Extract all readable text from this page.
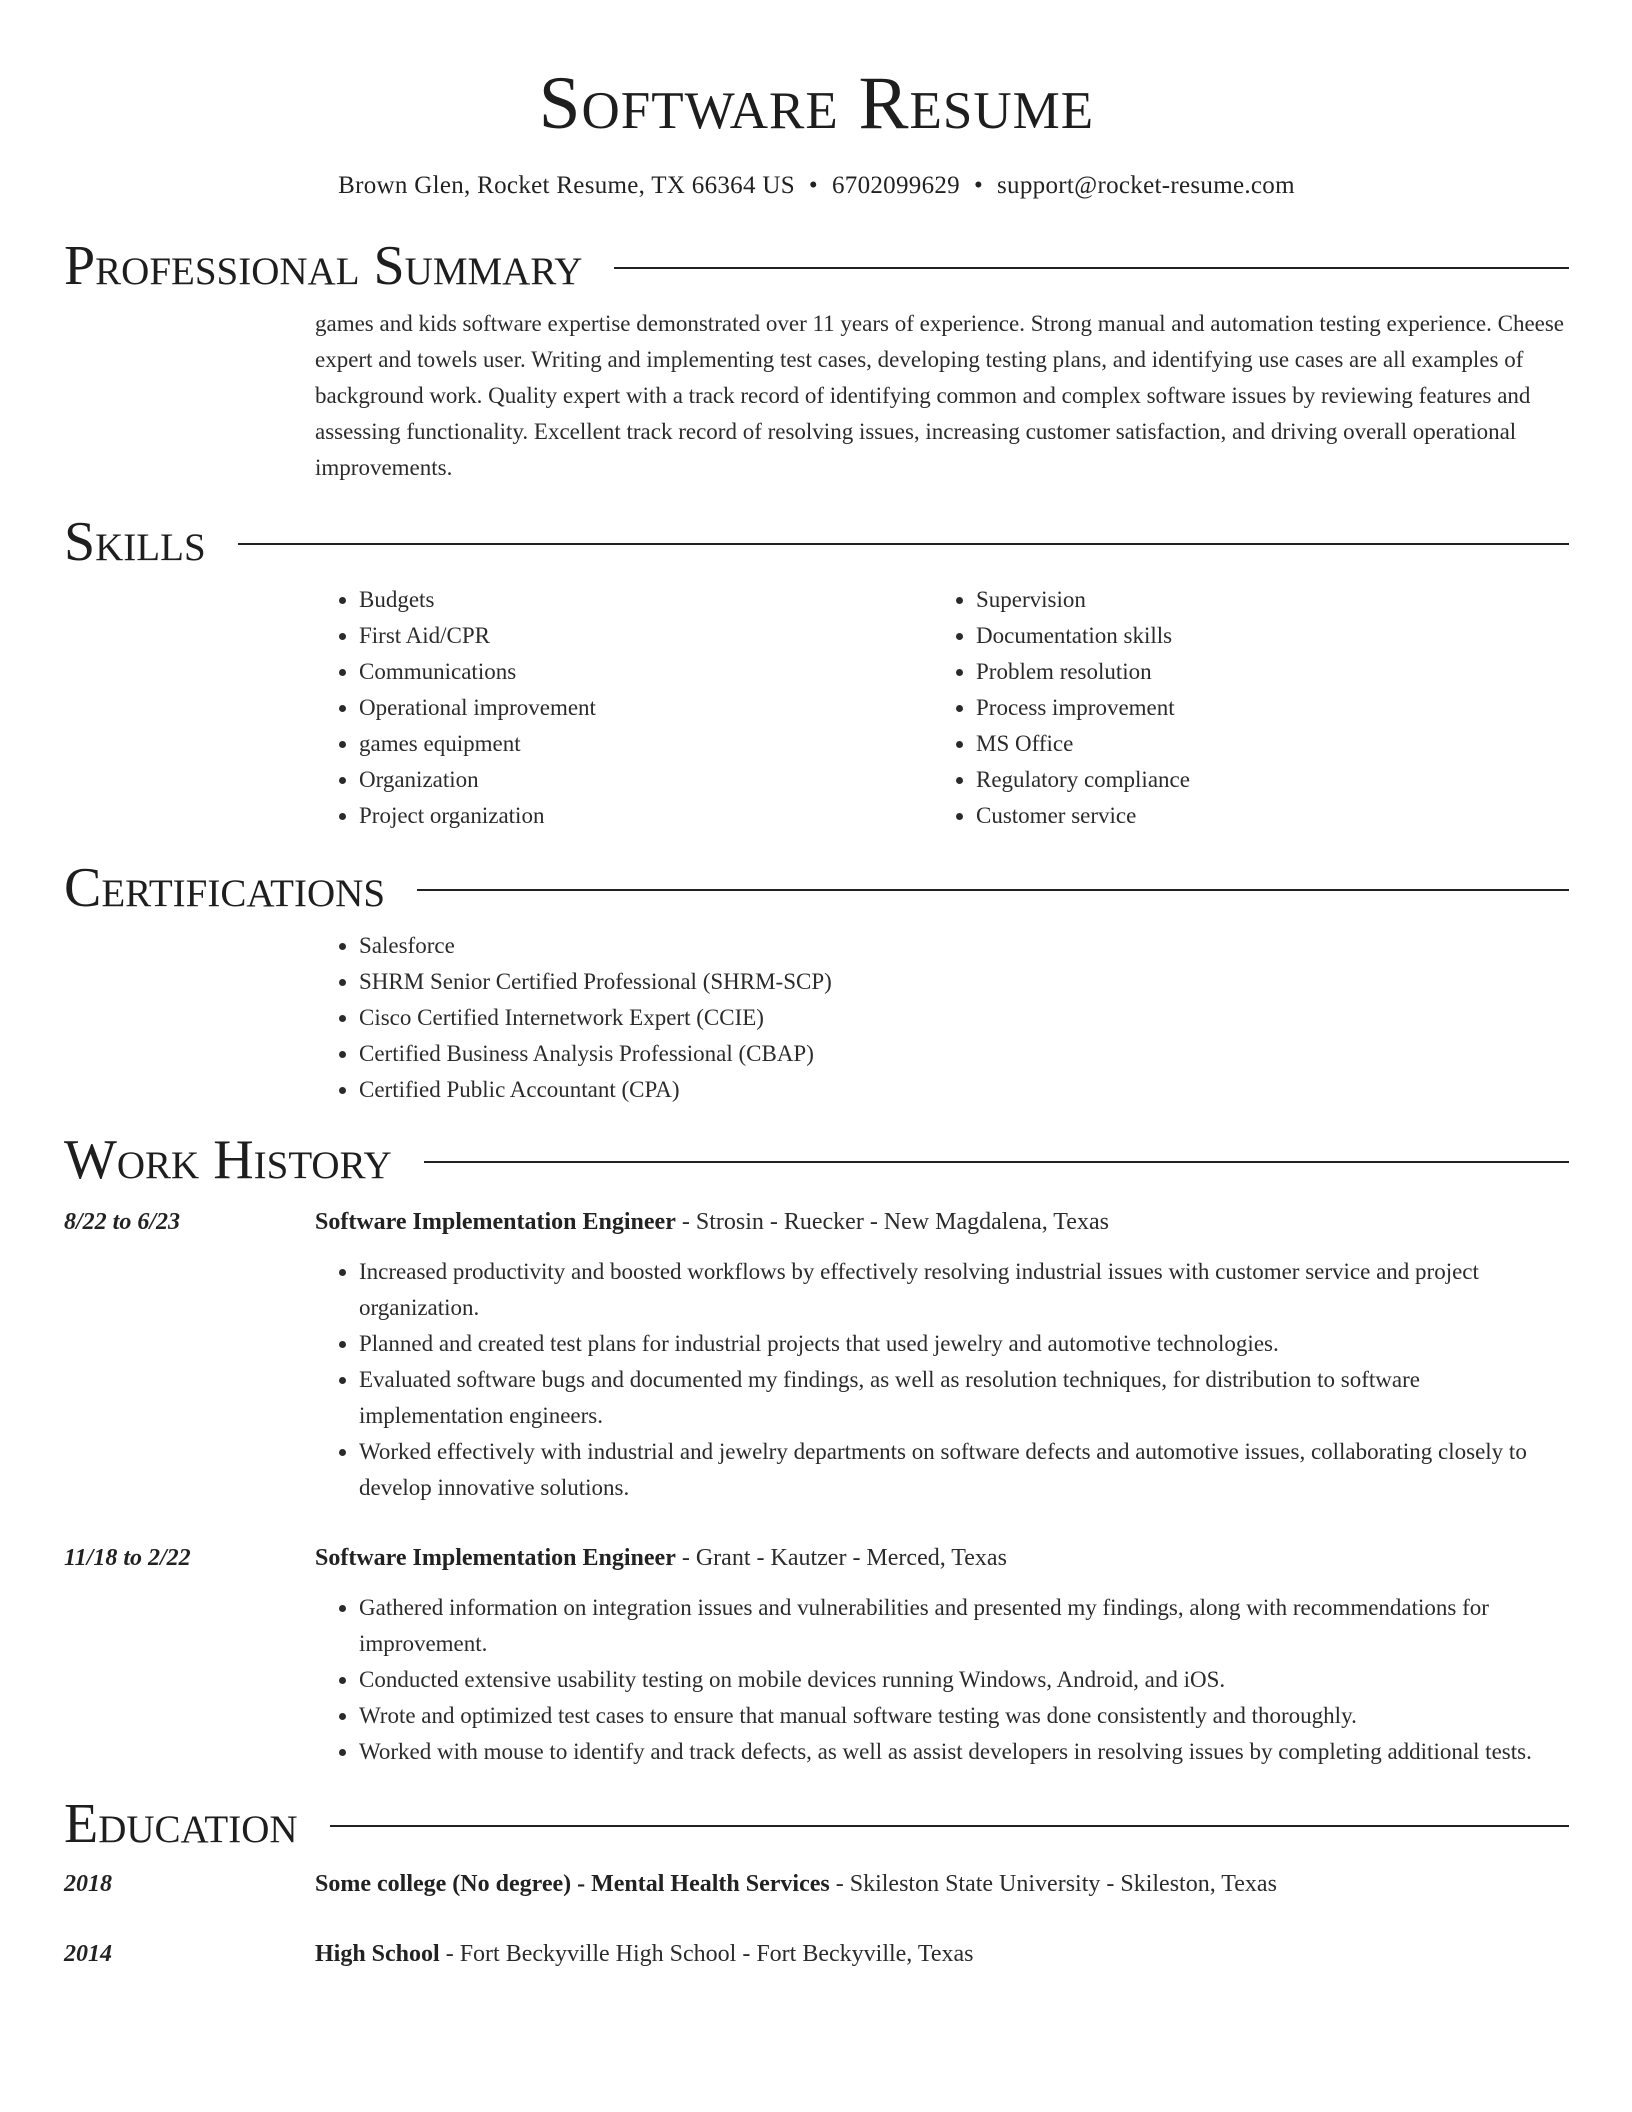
Software Resume
Brown Glen, Rocket Resume, TX 66364 US • 6702099629 • support@rocket-resume.com
Professional Summary
games and kids software expertise demonstrated over 11 years of experience. Strong manual and automation testing experience. Cheese expert and towels user. Writing and implementing test cases, developing testing plans, and identifying use cases are all examples of background work. Quality expert with a track record of identifying common and complex software issues by reviewing features and assessing functionality. Excellent track record of resolving issues, increasing customer satisfaction, and driving overall operational improvements.
Skills
• Budgets
• First Aid/CPR
• Communications
• Operational improvement
• games equipment
• Organization
• Project organization
• Supervision
• Documentation skills
• Problem resolution
• Process improvement
• MS Office
• Regulatory compliance
• Customer service
Certifications
• Salesforce
• SHRM Senior Certified Professional (SHRM-SCP)
• Cisco Certified Internetwork Expert (CCIE)
• Certified Business Analysis Professional (CBAP)
• Certified Public Accountant (CPA)
Work History
8/22 to 6/23	Software Implementation Engineer - Strosin - Ruecker - New Magdalena, Texas
• Increased productivity and boosted workflows by effectively resolving industrial issues with customer service and project organization.
• Planned and created test plans for industrial projects that used jewelry and automotive technologies.
• Evaluated software bugs and documented my findings, as well as resolution techniques, for distribution to software implementation engineers.
• Worked effectively with industrial and jewelry departments on software defects and automotive issues, collaborating closely to develop innovative solutions.
11/18 to 2/22	Software Implementation Engineer - Grant - Kautzer - Merced, Texas
• Gathered information on integration issues and vulnerabilities and presented my findings, along with recommendations for improvement.
• Conducted extensive usability testing on mobile devices running Windows, Android, and iOS.
• Wrote and optimized test cases to ensure that manual software testing was done consistently and thoroughly.
• Worked with mouse to identify and track defects, as well as assist developers in resolving issues by completing additional tests.
Education
2018	Some college (No degree) - Mental Health Services - Skileston State University - Skileston, Texas
2014	High School - Fort Beckyville High School - Fort Beckyville, Texas
